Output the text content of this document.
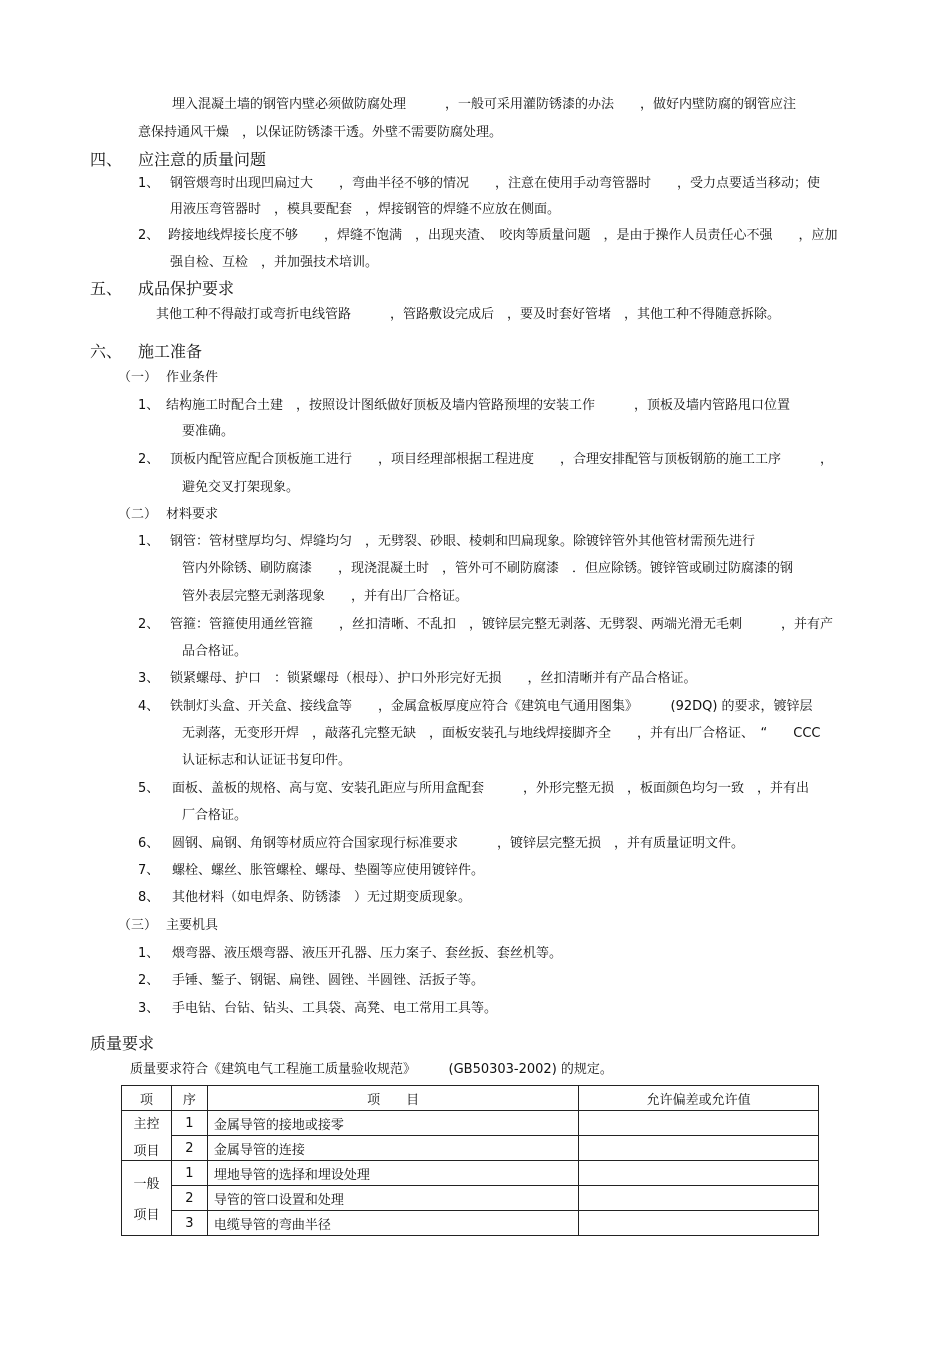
埋入混凝土墙的钢管内壁必须做防腐处理　　　，一般可采用灌防锈漆的办法　　，做好内壁防腐的钢管应注
意保持通风干燥　，以保证防锈漆干透。外壁不需要防腐处理。
四、 应注意的质量问题
1、 钢管煨弯时出现凹扁过大　　，弯曲半径不够的情况　　，注意在使用手动弯管器时　　，受力点要适当移动；使
用液压弯管器时　，模具要配套　，焊接钢管的焊缝不应放在侧面。
2、 跨接地线焊接长度不够　　，焊缝不饱满　，出现夹渣、　咬肉等质量问题　，是由于操作人员责任心不强　　，应加
强自检、互检　，并加强技术培训。
五、 成品保护要求
其他工种不得敲打或弯折电线管路　　　，管路敷设完成后　，要及时套好管堵　，其他工种不得随意拆除。
六、 施工准备
（一） 作业条件
1、 结构施工时配合土建　，按照设计图纸做好顶板及墙内管路预埋的安装工作　　　，顶板及墙内管路甩口位置
要准确。
2、 顶板内配管应配合顶板施工进行　　，项目经理部根据工程进度　　，合理安排配管与顶板钢筋的施工工序　　　，
避免交叉打架现象。
（二） 材料要求
1、 钢管：管材壁厚均匀、焊缝均匀　，无劈裂、砂眼、棱刺和凹扁现象。除镀锌管外其他管材需预先进行
管内外除锈、刷防腐漆　　，现浇混凝土时　，管外可不刷防腐漆　．但应除锈。镀锌管或刷过防腐漆的钢
管外表层完整无剥落现象　　，并有出厂合格证。
2、 管箍：管箍使用通丝管箍　　，丝扣清晰、不乱扣　，镀锌层完整无剥落、无劈裂、两端光滑无毛刺　　　，并有产
品合格证。
3、 锁紧螺母、护口　：锁紧螺母（根母）、护口外形完好无损　　，丝扣清晰并有产品合格证。
4、 铁制灯头盒、开关盒、接线盒等　　，金属盒板厚度应符合《建筑电气通用图集》　　　(92DQ) 的要求，镀锌层
无剥落，无变形开焊　，敲落孔完整无缺　，面板安装孔与地线焊接脚齐全　　，并有出厂合格证、　“　　CCC
认证标志和认证证书复印件。
5、 面板、盖板的规格、高与宽、安装孔距应与所用盒配套　　　，外形完整无损　，板面颜色均匀一致　，并有出
厂合格证。
6、 圆钢、扁钢、角钢等材质应符合国家现行标准要求　　　，镀锌层完整无损　，并有质量证明文件。
7、 螺栓、螺丝、胀管螺栓、螺母、垫圈等应使用镀锌件。
8、 其他材料（如电焊条、防锈漆　）无过期变质现象。
（三） 主要机具
1、 煨弯器、液压煨弯器、液压开孔器、压力案子、套丝扳、套丝机等。
2、 手锤、錾子、钢锯、扁锉、圆锉、半圆锉、活扳子等。
3、 手电钻、台钻、钻头、工具袋、高凳、电工常用工具等。
质量要求
质量要求符合《建筑电气工程施工质量验收规范》　　　(GB50303-2002) 的规定。
项	序	项　　目	允许偏差或允许值

主控
项目	1	金属导管的接地或接零	
	2	金属导管的连接	

一般
项目	1	埋地导管的选择和埋设处理	
	2	导管的管口设置和处理	
	3	电缆导管的弯曲半径	
